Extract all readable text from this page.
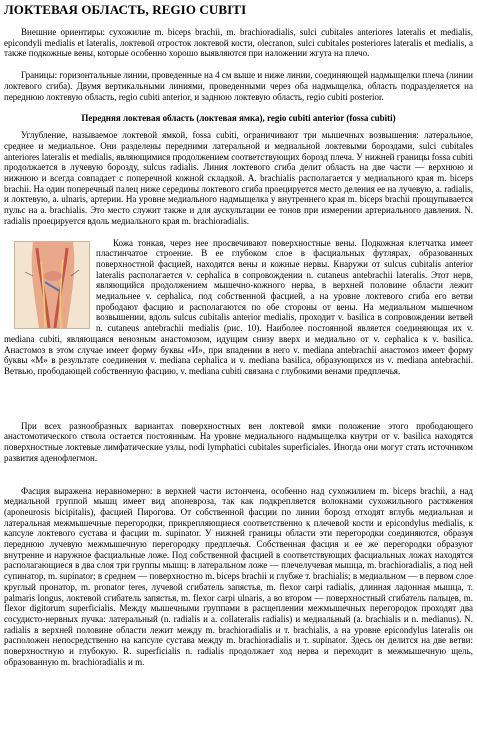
ЛОКТЕВАЯ ОБЛАСТЬ, REGIO CUBITI

Внешние ориентиры: сухожилие m. biceps brachii, m. brachioradialis, sulci cubitales anteriores lateralis et medialis, epicondyli medialis et lateralis, локтевой отросток локтевой кости, olecranon, sulci cubitales posteriores lateralis et medialis, а также подкожные вены, которые особенно хорошо выявляются при наложении жгута на плечо.

Границы: горизонтальные линии, проведенные на 4 см выше и ниже линии, соединяющей надмыщелки плеча (линии локтевого сгиба). Двумя вертикальными линиями, проведенными через оба надмыщелка, область подразделяется на переднюю локтевую область, regio cubiti anterior, и заднюю локтевую область, regio cubiti posterior.

Передняя локтевая область (локтевая ямка), regio cubiti anterior (fossa cubiti)

Углубление, называемое локтевой ямкой, fossa cubiti, ограничивают три мышечных возвышения: латеральное, среднее и медиальное. Они разделены передними латеральной и медиальной локтевыми бороздами, sulci cubitales anteriores lateralis et medialis, являющимися продолжением соответствующих борозд плеча. У нижней границы fossa cubiti продолжается в лучевую борозду, sulcus radialis. Линия локтевого сгиба делит область на две части — верхнюю и нижнюю и всегда совпадает с поперечной кожной складкой. А. brachialis располагается у медиального края m. biceps brachii. На один поперечный палец ниже середины локтевого сгиба проецируется место деления ее на лучевую, a. radialis, и локтевую, a. ulnaris, артерии. На уровне медиального надмыщелка у внутреннего края m. biceps brachii прощупывается пульс на a. brachialis. Это место служит также и для аускультации ее тонов при измерении артериального давления. N. radialis проецируется вдоль медиального края m. brachioradialis.

Кожа тонкая, через нее просвечивают поверхностные вены. Подкожная клетчатка имеет пластинчатое строение. В ее глубоком слое в фасциальных футлярах, образованных поверхностной фасцией, находятся вены и кожные нервы. Кнаружи от sulcus cubitalis anterior lateralis располагается v. cephalica в сопровождении n. cutaneus antebrachii lateralis. Этот нерв, являющийся продолжением мышечно-кожного нерва, в верхней половине области лежит медиальнее v. cephalica, под собственной фасцией, а на уровне локтевого сгиба его ветви прободают фасцию и располагаются по обе стороны от вены. На медиальном мышечном возвышении, вдоль sulcus cubitalis anterior medialis, проходит v. basilica в сопровождении ветвей n. cutaneus antebrachii medialis (рис. 10). Наиболее постоянной является соединяющая их v. mediana cubiti, являющаяся венозным анастомозом, идущим снизу вверх и медиально от v. cephalica к v. basilica. Анастомоз в этом случае имеет форму буквы «И», при впадении в него v. mediana antebrachii анастомоз имеет форму буквы «М» в результате соединения v. mediana cephalica и v. mediana basilica, образующихся из v. mediana antebrachii. Ветвью, прободающей собственную фасцию, v. mediana cubiti связана с глубокими венами предплечья.

При всех разнообразных вариантах поверхностных вен локтевой ямки положение этого прободающего анастомотического ствола остается постоянным. На уровне медиального надмыщелка кнутри от v. basilica находятся поверхностные локтевые лимфатические узлы, nodi lymphatici cubitales superficiales. Иногда они могут стать источником развития аденофлегмон.

Фасция выражена неравномерно: в верхней части истончена, особенно над сухожилием m. biceps brachii, а над медиальной группой мышц имеет вид апоневроза, так как подкрепляется волокнами сухожильного растяжения (aponeurosis bicipitalis), фасцией Пирогова. От собственной фасции по линии борозд отходят вглубь медиальная и латеральная межмышечные перегородки, прикрепляющиеся соответственно к плечевой кости и epicondylus medialis, к капсуле локтевого сустава и фасции m. supinator. У нижней границы области эти перегородки соединяются, образуя переднюю лучевую межмышечную перегородку предплечья. Собственная фасция и ее же перегородки образуют внутренне и наружное фасциальные ложе. Под собственной фасцией в соответствующих фасциальных ложах находятся располагающиеся в два слоя три группы мышц: в латеральном ложе — плечелучевая мышца, m. brachioradialis, а под ней супинатор, m. supinator; в среднем — поверхностно m. biceps brachii и глубже т. brachialis; в медиальном — в первом слое круглый пронатор, m. pronator teres, лучевой сгибатель запястья, m. flexor carpi radialis, длинная ладонная мышца, т. palmaris longus, локтевой сгибатель запястья, m. flexor carpi ulnaris, а во втором — поверхностный сгибатель пальцев, m. flexor digitorum superficialis. Между мышечными группами в расщеплении межмышечных перегородок проходят два сосудисто-нервных пучка: латеральный (n. radialis и а. collateralis radialis) и медиальный (a. brachialis и n. medianus). N. radialis в верхней половине области лежит между m. brachioradialis и т. brachialis, а на уровне epicondylus lateralis он расположен непосредственно на капсуле сустава между m. brachioradialis и т. supinator. Здесь он делится на две ветви: поверхностную и глубокую. R. superficialis n. radialis продолжает ход нерва и переходит в межмышечную щель, образованную m. brachioradialis и m.
